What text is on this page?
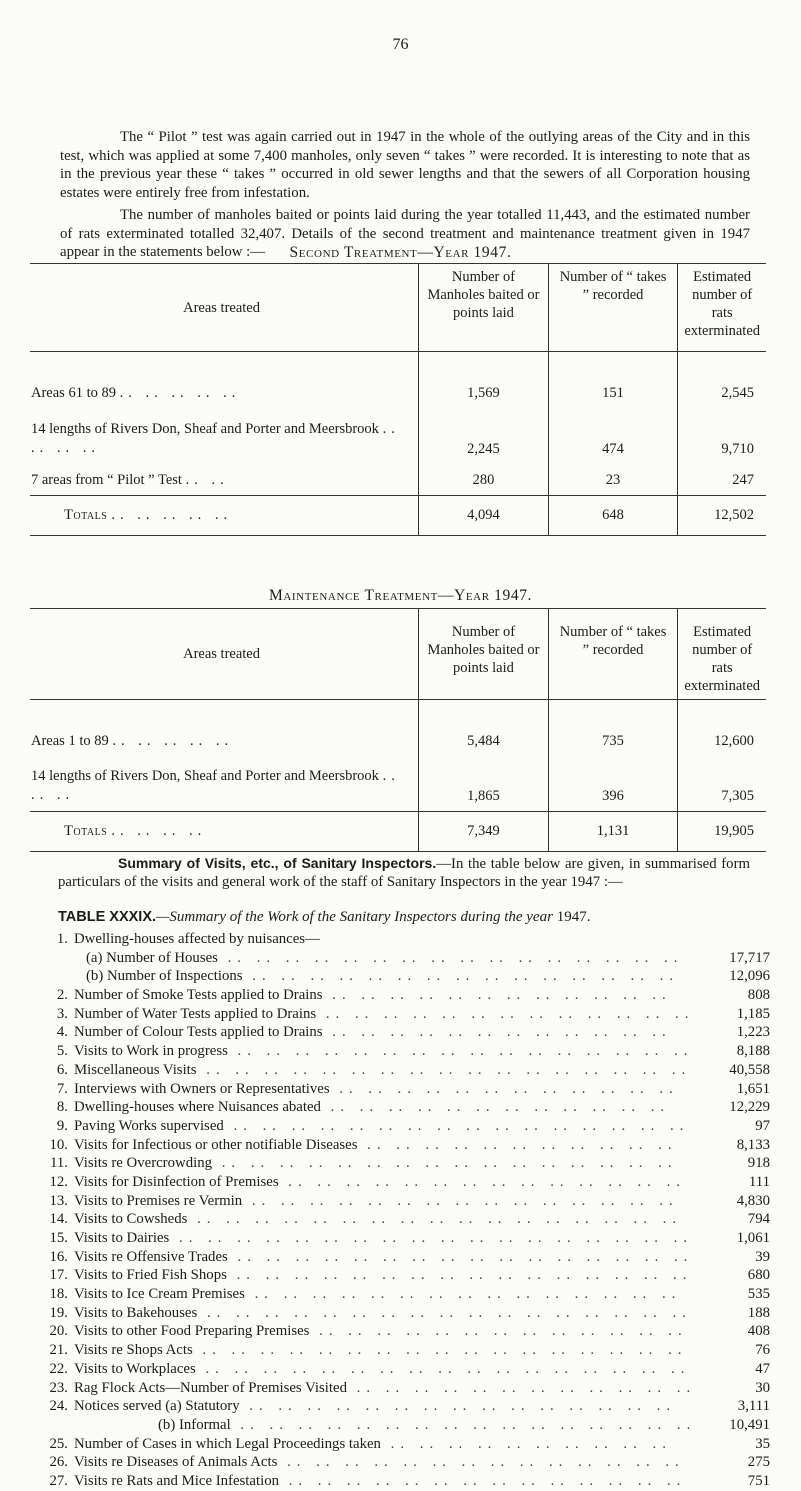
76

The “ Pilot ” test was again carried out in 1947 in the whole of the outlying areas of the City and in this test, which was applied at some 7,400 manholes, only seven “ takes ” were recorded. It is interesting to note that as in the previous year these “ takes ” occurred in old sewer lengths and that the sewers of all Corporation housing estates were entirely free from infestation.

The number of manholes baited or points laid during the year totalled 11,443, and the estimated number of rats exterminated totalled 32,407. Details of the second treatment and maintenance treatment given in 1947 appear in the statements below :—	Second Treatment—Year 1947.
Areas treated	Number of Manholes baited or points laid	Number of “ takes ” recorded	Estimated number of rats exterminated
Areas 61 to 89 .. .. .. .. ..	1,569	151	2,545
14 lengths of Rivers Don, Sheaf and Porter and Meersbrook .. .. .. ..	2,245	474	9,710
7 areas from “ Pilot ” Test .. ..	280	23	247
Totals .. .. .. .. ..	4,094	648	12,502
Maintenance Treatment—Year 1947.
Areas treated	Number of Manholes baited or points laid	Number of “ takes ” recorded	Estimated number of rats exterminated
Areas 1 to 89 .. .. .. .. ..	5,484	735	12,600
14 lengths of Rivers Don, Sheaf and Porter and Meersbrook .. .. ..	1,865	396	7,305
Totals .. .. .. ..	7,349	1,131	19,905

Summary of Visits, etc., of Sanitary Inspectors.—In the table below are given, in summarised form particulars of the visits and general work of the staff of Sanitary Inspectors in the year 1947 :—

TABLE XXXIX.—Summary of the Work of the Sanitary Inspectors during the year 1947.
1. Dwelling-houses affected by nuisances—
(a) Number of Houses .. .. .. .. .. .. .. .. .. .. .. .. .. .. .. ..	17,717
(b) Number of Inspections .. .. .. .. .. .. .. .. .. .. .. .. .. .. ..	12,096
2. Number of Smoke Tests applied to Drains .. .. .. .. .. .. .. .. .. .. .. ..	808
3. Number of Water Tests applied to Drains .. .. .. .. .. .. .. .. .. .. .. .. ..	1,185
4. Number of Colour Tests applied to Drains .. .. .. .. .. .. .. .. .. .. .. ..	1,223
5. Visits to Work in progress .. .. .. .. .. .. .. .. .. .. .. .. .. .. .. ..	8,188
6. Miscellaneous Visits .. .. .. .. .. .. .. .. .. .. .. .. .. .. .. .. ..	40,558
7. Interviews with Owners or Representatives .. .. .. .. .. .. .. .. .. .. .. ..	1,651
8. Dwelling-houses where Nuisances abated .. .. .. .. .. .. .. .. .. .. .. ..	12,229
9. Paving Works supervised .. .. .. .. .. .. .. .. .. .. .. .. .. .. .. ..	97
10. Visits for Infectious or other notifiable Diseases .. .. .. .. .. .. .. .. .. .. ..	8,133
11. Visits re Overcrowding .. .. .. .. .. .. .. .. .. .. .. .. .. .. .. ..	918
12. Visits for Disinfection of Premises .. .. .. .. .. .. .. .. .. .. .. .. .. ..	111
13. Visits to Premises re Vermin .. .. .. .. .. .. .. .. .. .. .. .. .. .. ..	4,830
14. Visits to Cowsheds .. .. .. .. .. .. .. .. .. .. .. .. .. .. .. .. ..	794
15. Visits to Dairies .. .. .. .. .. .. .. .. .. .. .. .. .. .. .. .. .. ..	1,061
16. Visits re Offensive Trades .. .. .. .. .. .. .. .. .. .. .. .. .. .. .. ..	39
17. Visits to Fried Fish Shops .. .. .. .. .. .. .. .. .. .. .. .. .. .. .. ..	680
18. Visits to Ice Cream Premises .. .. .. .. .. .. .. .. .. .. .. .. .. .. ..	535
19. Visits to Bakehouses .. .. .. .. .. .. .. .. .. .. .. .. .. .. .. .. ..	188
20. Visits to other Food Preparing Premises .. .. .. .. .. .. .. .. .. .. .. .. ..	408
21. Visits re Shops Acts .. .. .. .. .. .. .. .. .. .. .. .. .. .. .. .. ..	76
22. Visits to Workplaces .. .. .. .. .. .. .. .. .. .. .. .. .. .. .. .. ..	47
23. Rag Flock Acts—Number of Premises Visited .. .. .. .. .. .. .. .. .. .. .. ..	30
24. Notices served (a) Statutory .. .. .. .. .. .. .. .. .. .. .. .. .. .. ..	3,111
(b) Informal .. .. .. .. .. .. .. .. .. .. .. .. .. .. .. ..	10,491
25. Number of Cases in which Legal Proceedings taken .. .. .. .. .. .. .. .. .. ..	35
26. Visits re Diseases of Animals Acts .. .. .. .. .. .. .. .. .. .. .. .. .. ..	275
27. Visits re Rats and Mice Infestation .. .. .. .. .. .. .. .. .. .. .. .. .. ..	751
